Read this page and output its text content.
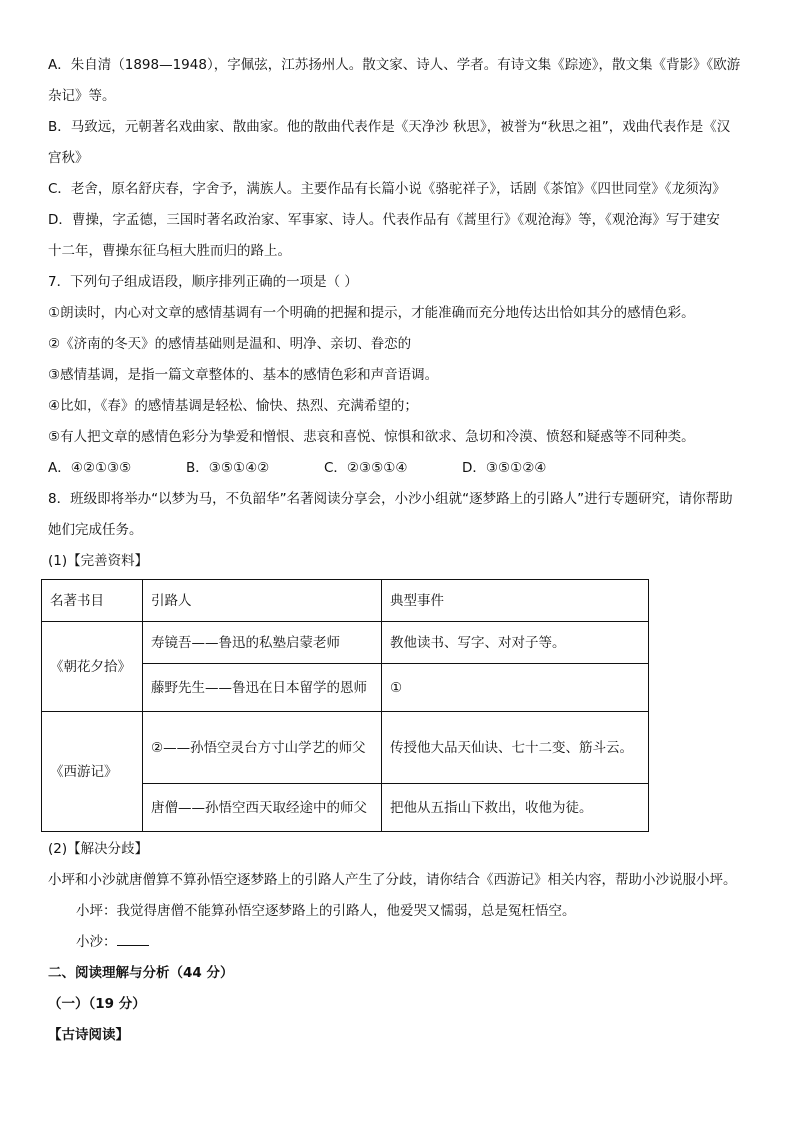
A．朱自清（1898—1948），字佩弦，江苏扬州人。散文家、诗人、学者。有诗文集《踪迹》，散文集《背影》《欧游
杂记》等。
B．马致远，元朝著名戏曲家、散曲家。他的散曲代表作是《天净沙 秋思》，被誉为“秋思之祖”，戏曲代表作是《汉
宫秋》
C．老舍，原名舒庆春，字舍予，满族人。主要作品有长篇小说《骆驼祥子》，话剧《茶馆》《四世同堂》《龙须沟》
D．曹操，字孟德，三国时著名政治家、军事家、诗人。代表作品有《蒿里行》《观沧海》等，《观沧海》写于建安
十二年，曹操东征乌桓大胜而归的路上。
7．下列句子组成语段，顺序排列正确的一项是（ ）
①朗读时，内心对文章的感情基调有一个明确的把握和提示，才能准确而充分地传达出恰如其分的感情色彩。
②《济南的冬天》的感情基础则是温和、明净、亲切、眷恋的
③感情基调，是指一篇文章整体的、基本的感情色彩和声音语调。
④比如，《春》的感情基调是轻松、愉快、热烈、充满希望的；
⑤有人把文章的感情色彩分为挚爱和憎恨、悲哀和喜悦、惊惧和欲求、急切和冷漠、愤怒和疑惑等不同种类。
A．④②①③⑤	B．③⑤①④②	C．②③⑤①④	D．③⑤①②④
8．班级即将举办“以梦为马，不负韶华”名著阅读分享会，小沙小组就“逐梦路上的引路人”进行专题研究，请你帮助
她们完成任务。
(1)【完善资料】
名著书目	引路人	典型事件
《朝花夕拾》	寿镜吾——鲁迅的私塾启蒙老师	教他读书、写字、对对子等。
	藤野先生——鲁迅在日本留学的恩师	①
《西游记》	②——孙悟空灵台方寸山学艺的师父	传授他大品天仙诀、七十二变、筋斗云。
	唐僧——孙悟空西天取经途中的师父	把他从五指山下救出，收他为徒。
(2)【解决分歧】
小坪和小沙就唐僧算不算孙悟空逐梦路上的引路人产生了分歧，请你结合《西游记》相关内容，帮助小沙说服小坪。
小坪：我觉得唐僧不能算孙悟空逐梦路上的引路人，他爱哭又懦弱，总是冤枉悟空。
小沙：
二、阅读理解与分析（44 分）
（一）（19 分）
【古诗阅读】
